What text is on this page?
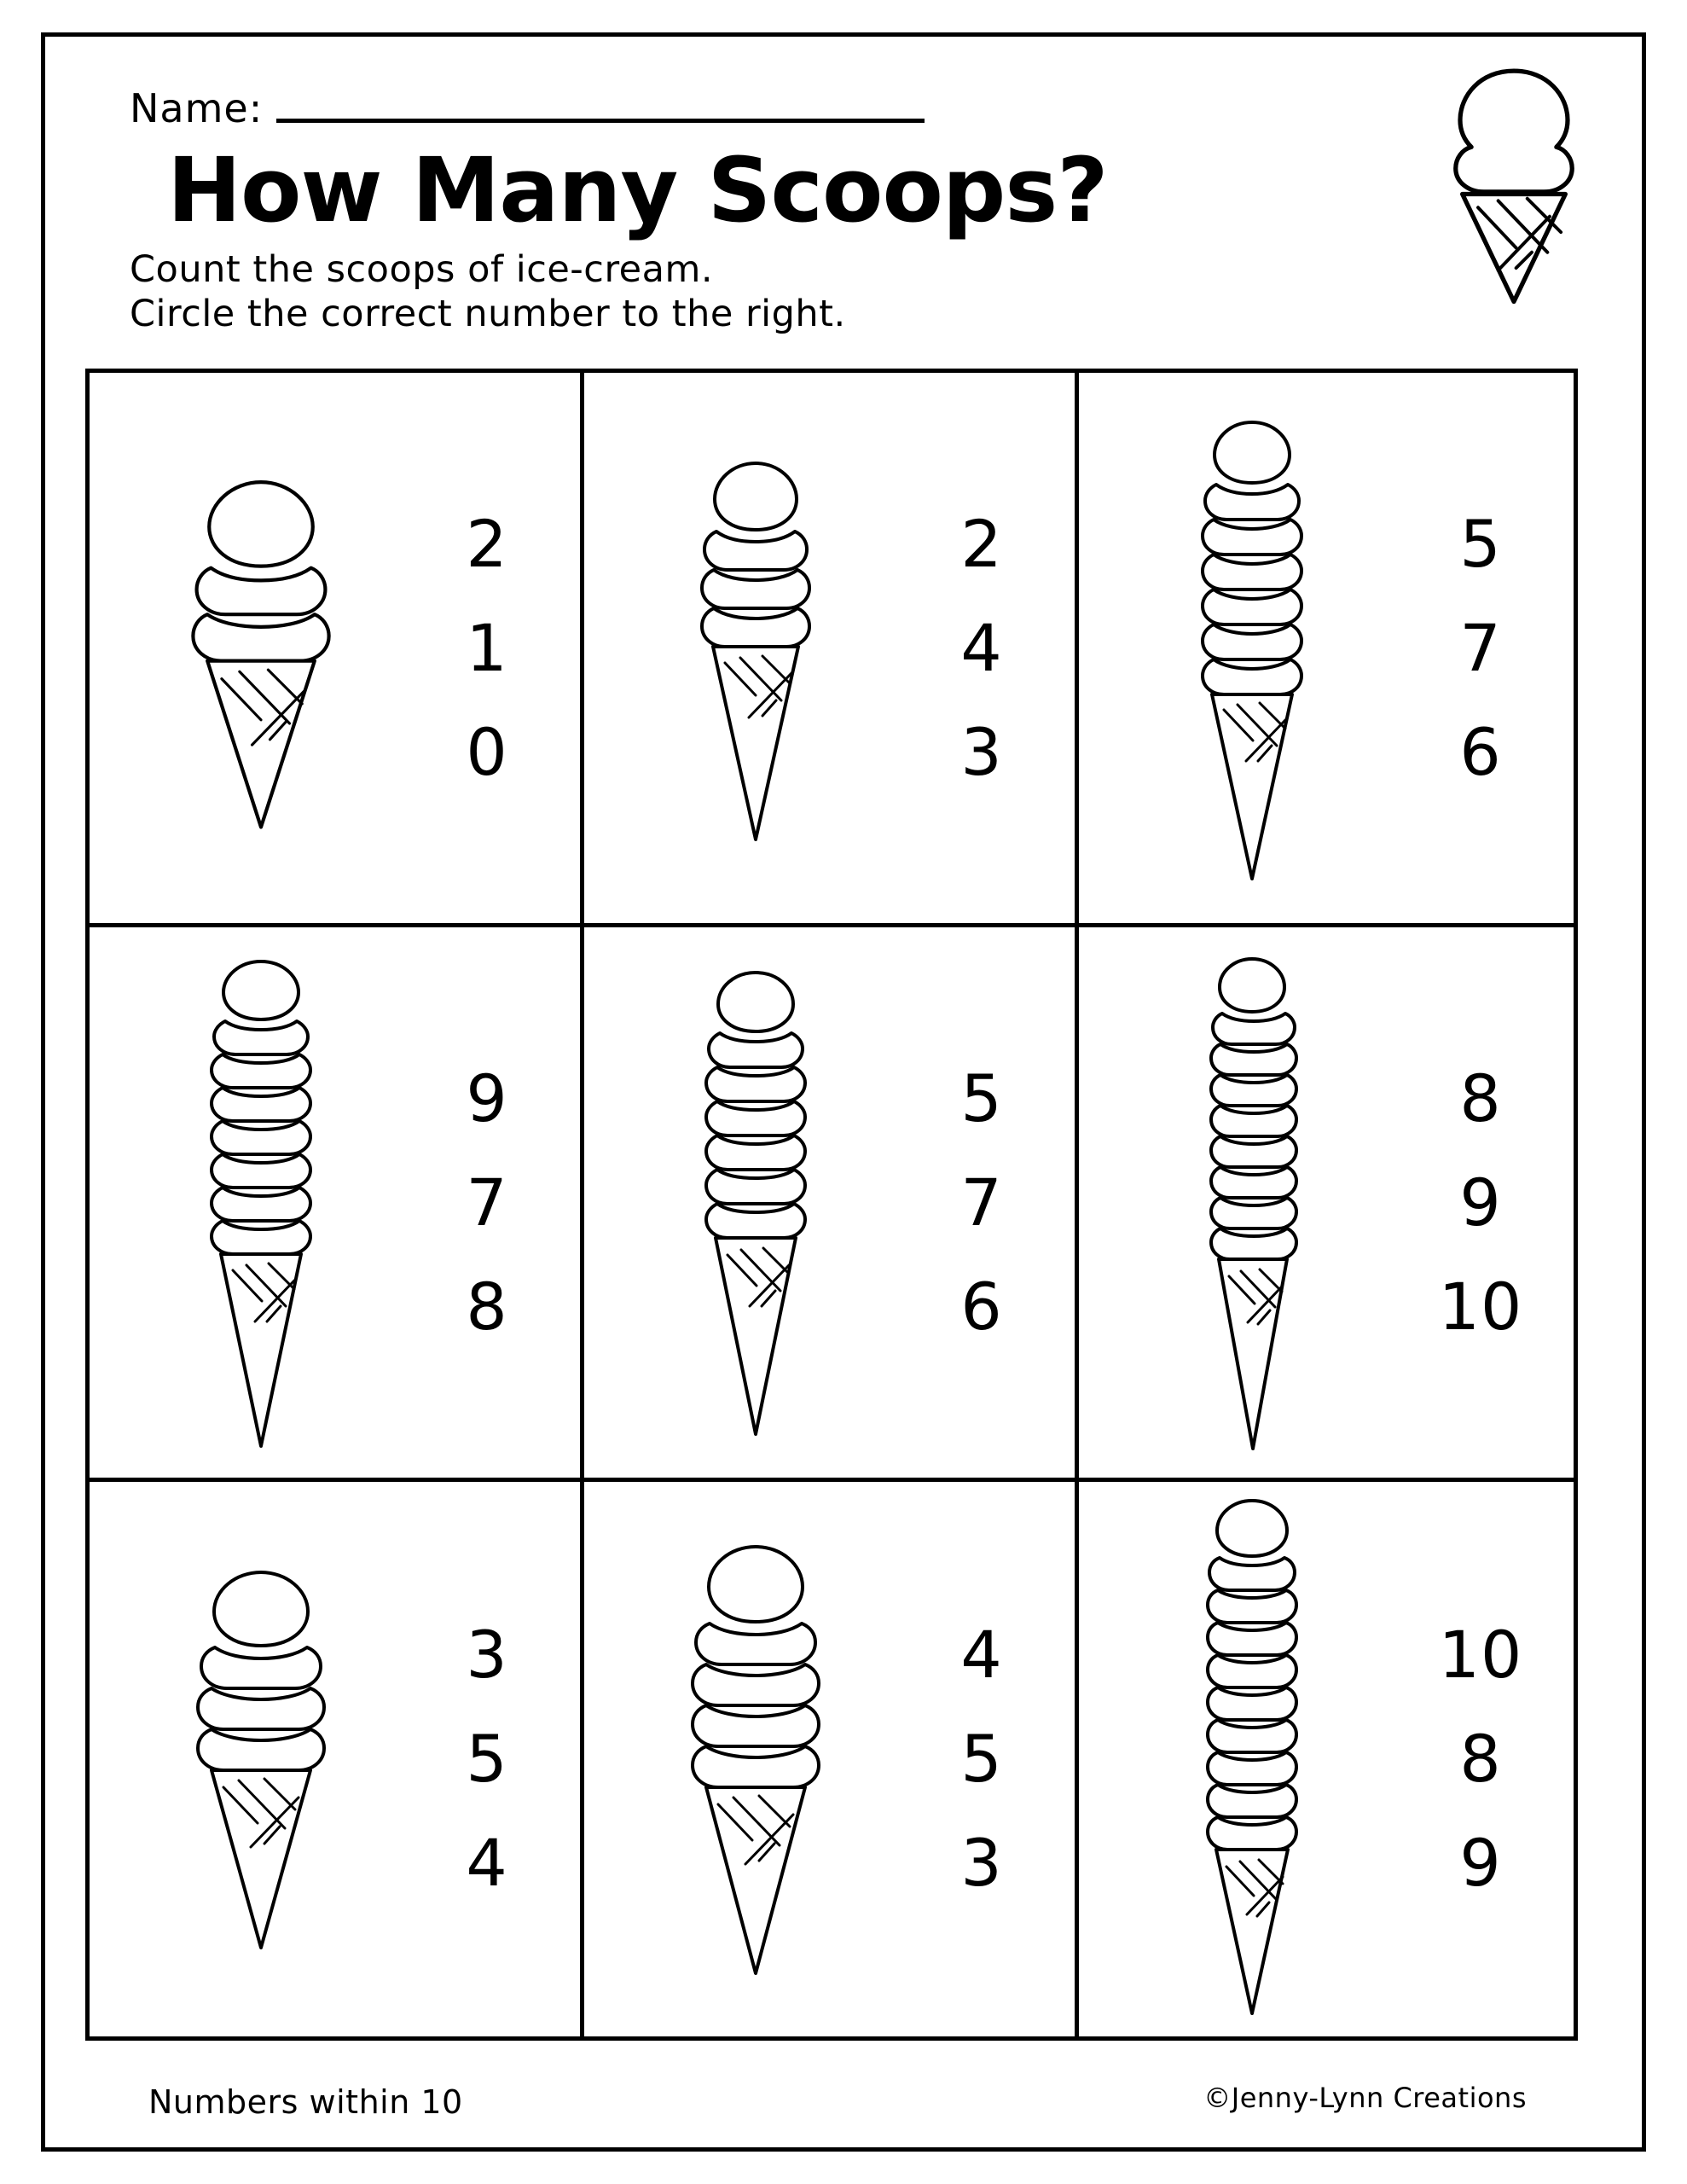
Name:
How Many Scoops?
Count the scoops of ice-cream.
Circle the correct number to the right.
2
1
0
2
4
3
5
7
6
9
7
8
5
7
6
8
9
10
3
5
4
4
5
3
10
8
9
Numbers within 10	©Jenny-Lynn Creations
